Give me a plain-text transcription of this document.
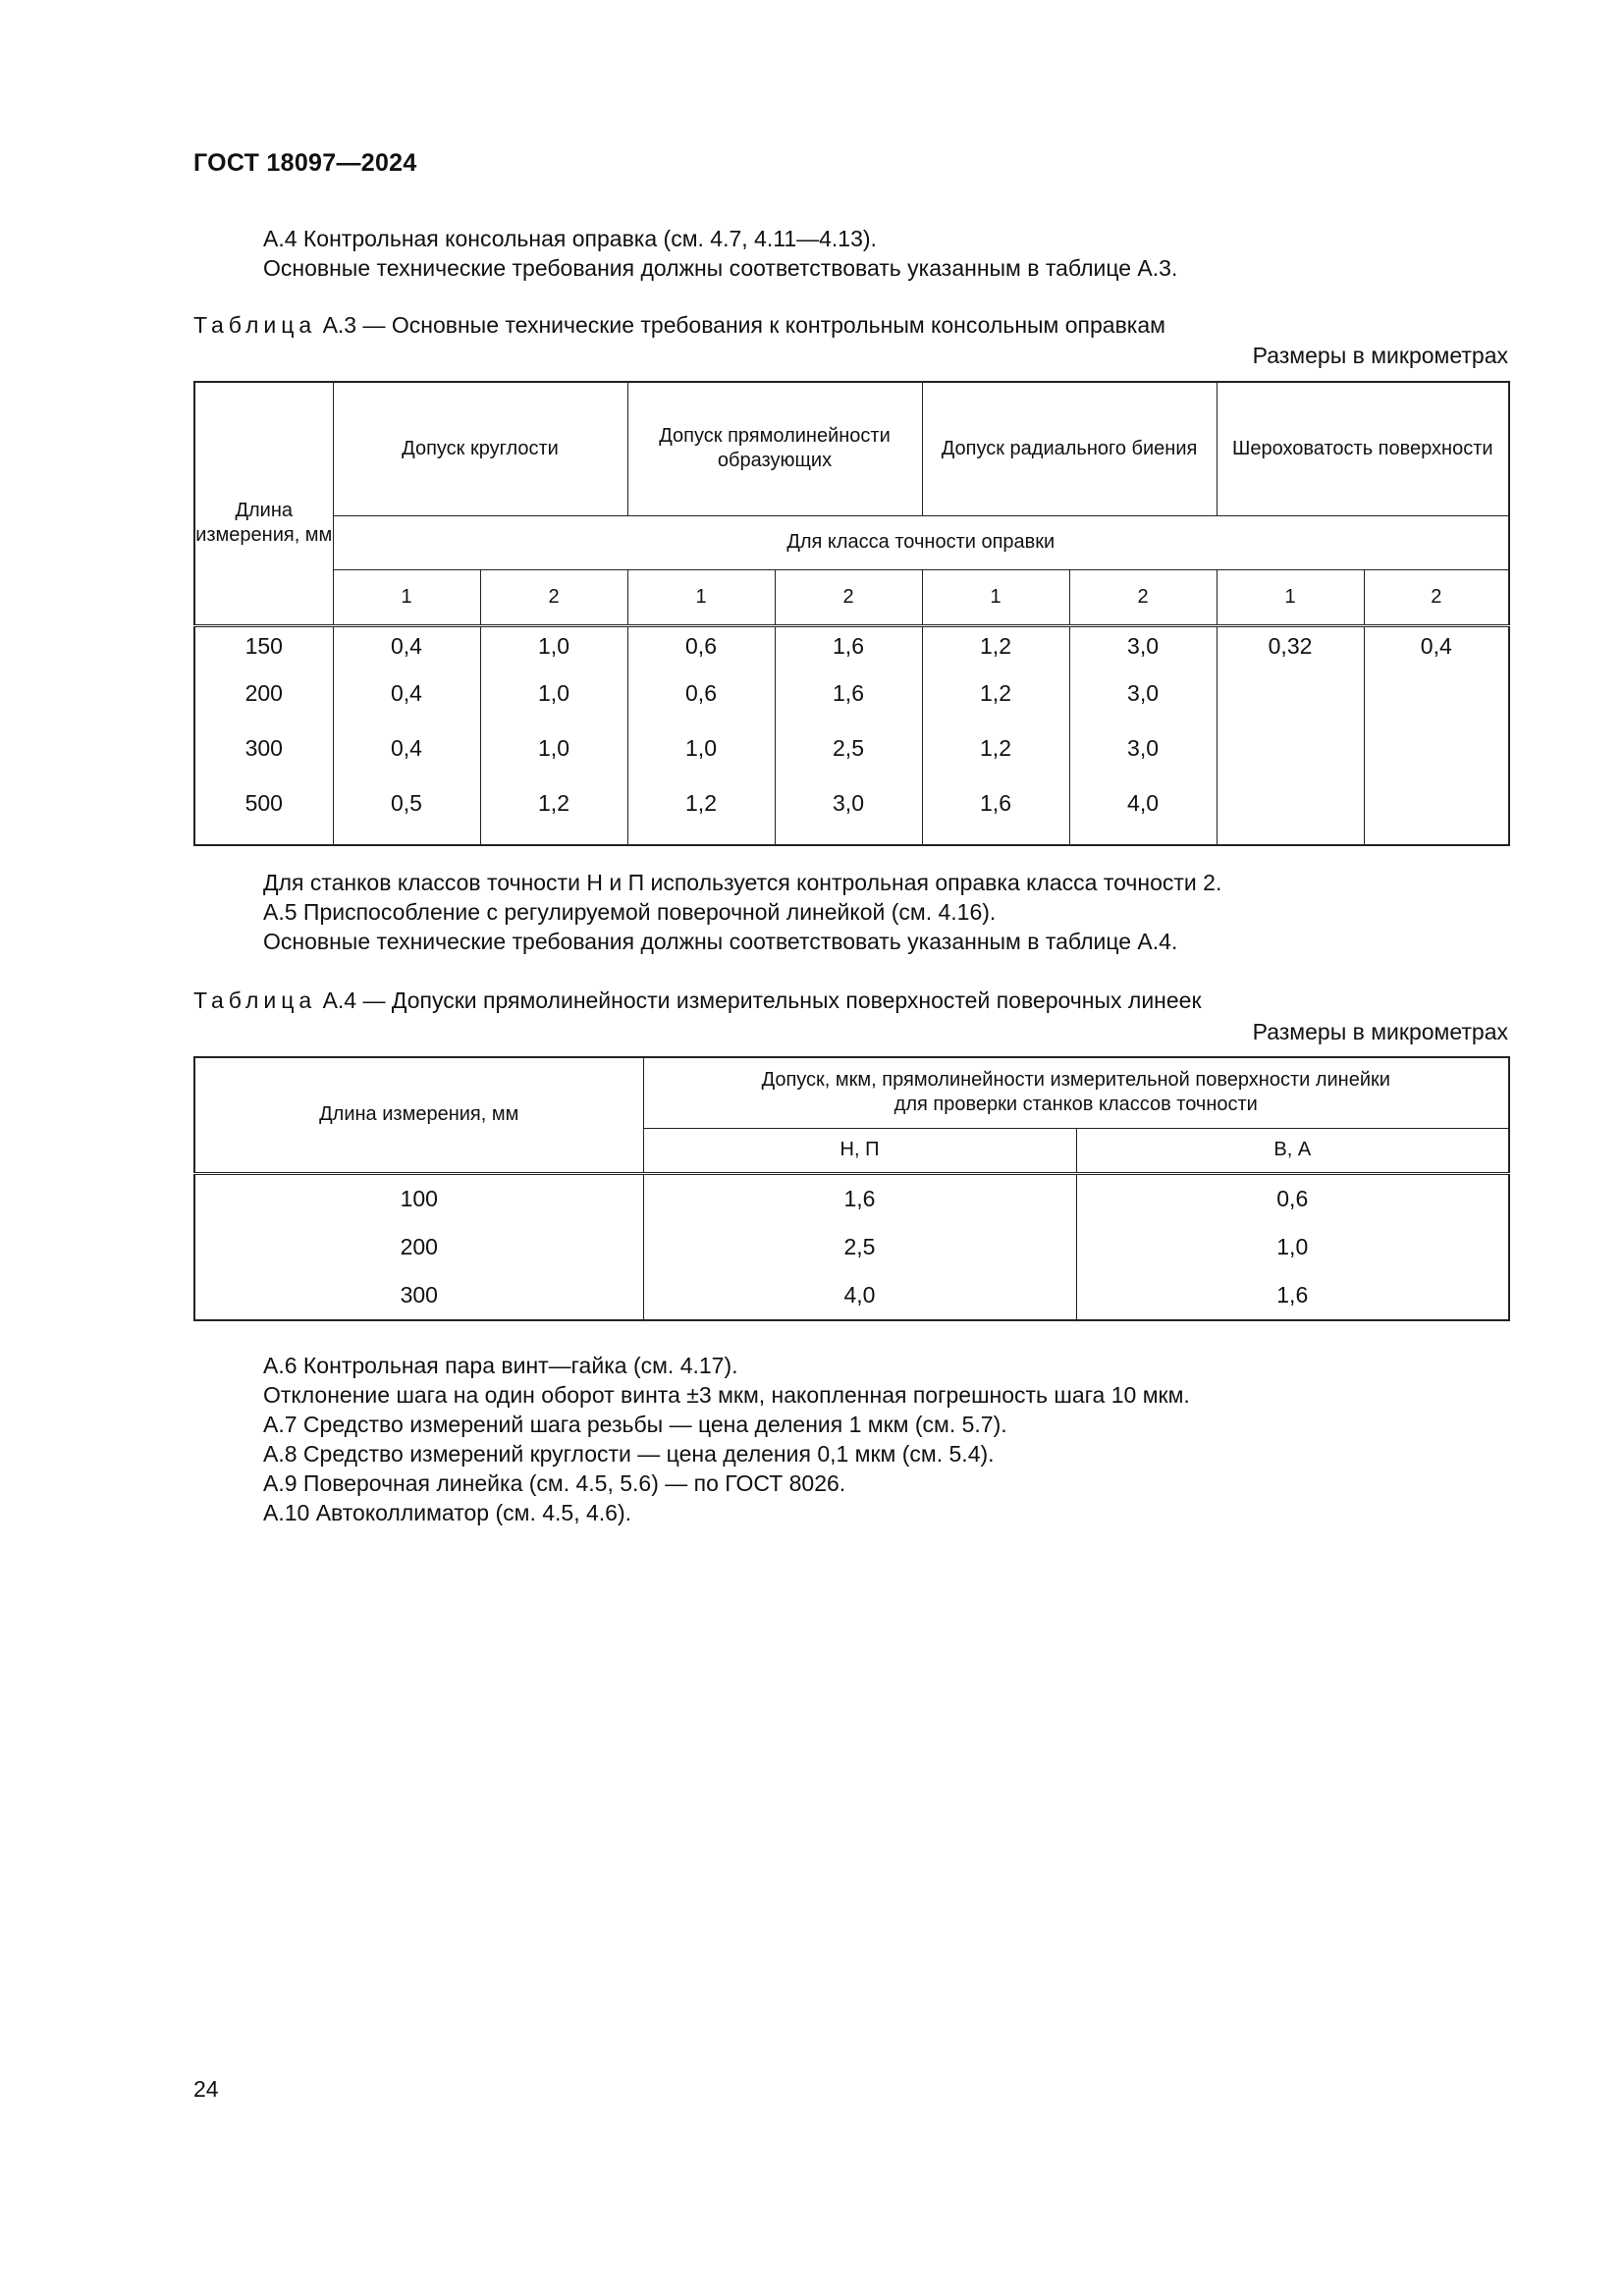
ГОСТ 18097—2024
А.4 Контрольная консольная оправка (см. 4.7, 4.11—4.13).
Основные технические требования должны соответствовать указанным в таблице А.3.
Таблица А.3 — Основные технические требования к контрольным консольным оправкам
Размеры в микрометрах
Длина измерения, мм	Допуск круглости		Допуск прямолинейности образующих		Допуск радиального биения		Шероховатость поверхности	
	Для класса точности оправки							
	1	2	1	2	1	2	1	2
150	0,4	1,0	0,6	1,6	1,2	3,0	0,32	0,4
200	0,4	1,0	0,6	1,6	1,2	3,0		
300	0,4	1,0	1,0	2,5	1,2	3,0		
500	0,5	1,2	1,2	3,0	1,6	4,0		
Для станков классов точности Н и П используется контрольная оправка класса точности 2.
А.5 Приспособление с регулируемой поверочной линейкой (см. 4.16).
Основные технические требования должны соответствовать указанным в таблице А.4.
Таблица А.4 — Допуски прямолинейности измерительных поверхностей поверочных линеек
Размеры в микрометрах
Длина измерения, мм	Допуск, мкм, прямолинейности измерительной поверхности линейки
для проверки станков классов точности	

	Н, П	В, А
100	1,6	0,6
200	2,5	1,0
300	4,0	1,6
А.6 Контрольная пара винт—гайка (см. 4.17).
Отклонение шага на один оборот винта ±3 мкм, накопленная погрешность шага 10 мкм.
А.7 Средство измерений шага резьбы — цена деления 1 мкм (см. 5.7).
А.8 Средство измерений круглости — цена деления 0,1 мкм (см. 5.4).
А.9 Поверочная линейка (см. 4.5, 5.6) — по ГОСТ 8026.
А.10 Автоколлиматор (см. 4.5, 4.6).
24
